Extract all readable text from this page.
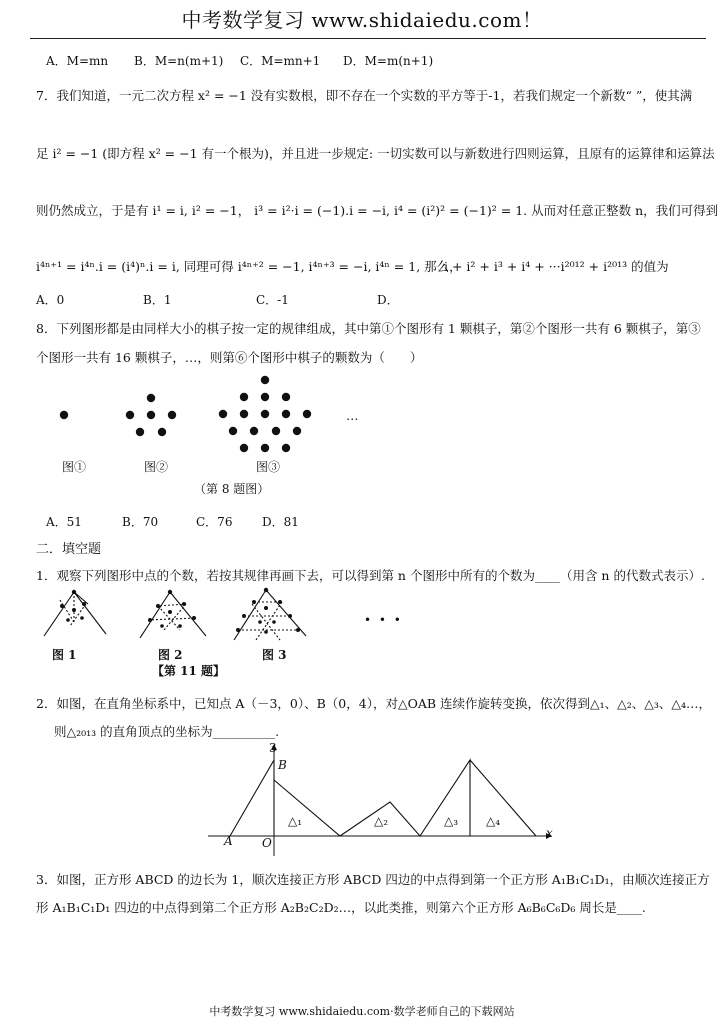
中考数学复习 www.shidaiedu.com！
A．M=mn B．M=n(m+1) C．M=mn+1 D．M=m(n+1)
7．我们知道，一元二次方程 x² = −1 没有实数根，即不存在一个实数的平方等于-1，若我们规定一个新数“ ”，使其满
足 i² = −1 (即方程 x² = −1 有一个根为)，并且进一步规定: 一切实数可以与新数进行四则运算，且原有的运算律和运算法
则仍然成立，于是有 i¹ = i, i² = −1， i³ = i²·i = (−1).i = −i, i⁴ = (i²)² = (−1)² = 1. 从而对任意正整数 n，我们可得到
i⁴ⁿ⁺¹ = i⁴ⁿ.i = (i⁴)ⁿ.i = i, 同理可得 i⁴ⁿ⁺² = −1, i⁴ⁿ⁺³ = −i, i⁴ⁿ = 1, 那么，
i + i² + i³ + i⁴ + ···i²⁰¹² + i²⁰¹³ 的值为
A．0	B．1	C．-1	D．
8．下列图形都是由同样大小的棋子按一定的规律组成，其中第①个图形有 1 颗棋子，第②个图形一共有 6 颗棋子，第③
个图形一共有 16 颗棋子，…，则第⑥个图形中棋子的颗数为（　　）
…
图①	图②	图③
（第 8 题图）
A．51	B．70	C．76 D．81
二．填空题
1．观察下列图形中点的个数，若按其规律再画下去，可以得到第 n 个图形中所有的个数为____（用含 n 的代数式表示）.
• • •
图 1	图 2	图 3
【第 11 题】
2．如图，在直角坐标系中，已知点 A（－3，0）、B（0，4），对△OAB 连续作旋转变换，依次得到△₁、△₂、△₃、△₄…，
则△₂₀₁₃ 的直角顶点的坐标为__________.
3
B
A O
x
△₁	△₂	△₃ △₄
3．如图，正方形 ABCD 的边长为 1，顺次连接正方形 ABCD 四边的中点得到第一个正方形 A₁B₁C₁D₁，由顺次连接正方
形 A₁B₁C₁D₁ 四边的中点得到第二个正方形 A₂B₂C₂D₂…，以此类推，则第六个正方形 A₆B₆C₆D₆ 周长是____.
中考数学复习 www.shidaiedu.com·数学老师自己的下载网站
